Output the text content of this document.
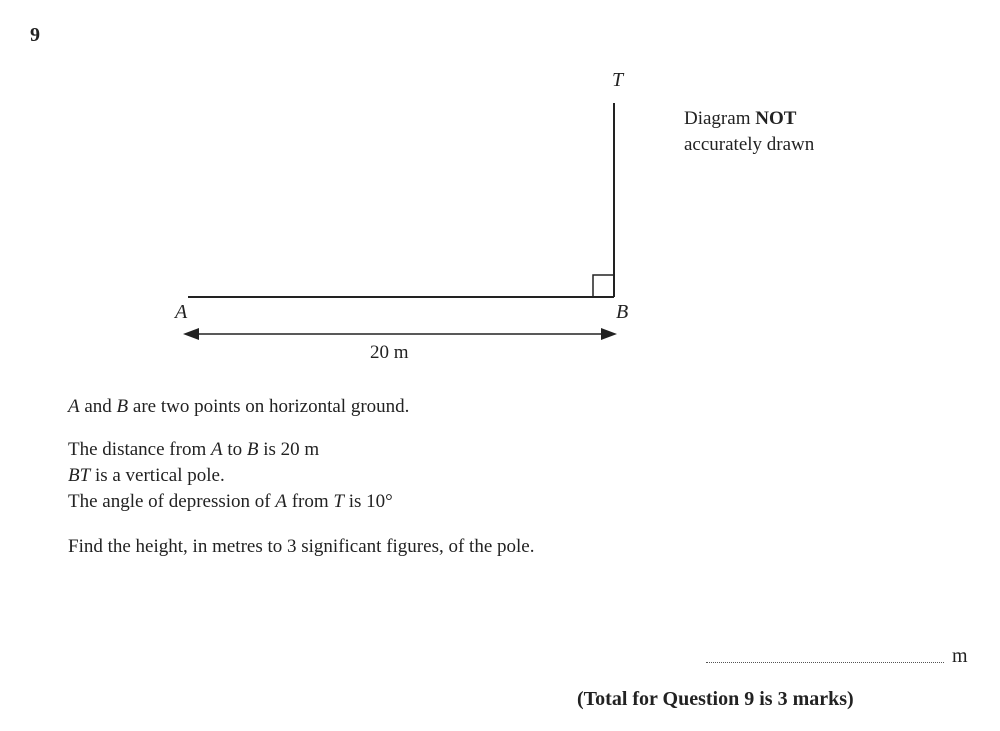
9
T
A	B
20 m
Diagram NOT
accurately drawn
A and B are two points on horizontal ground.
The distance from A to B is 20 m
BT is a vertical pole.
The angle of depression of A from T is 10°
Find the height, in metres to 3 significant figures, of the pole.
m
(Total for Question 9 is 3 marks)
